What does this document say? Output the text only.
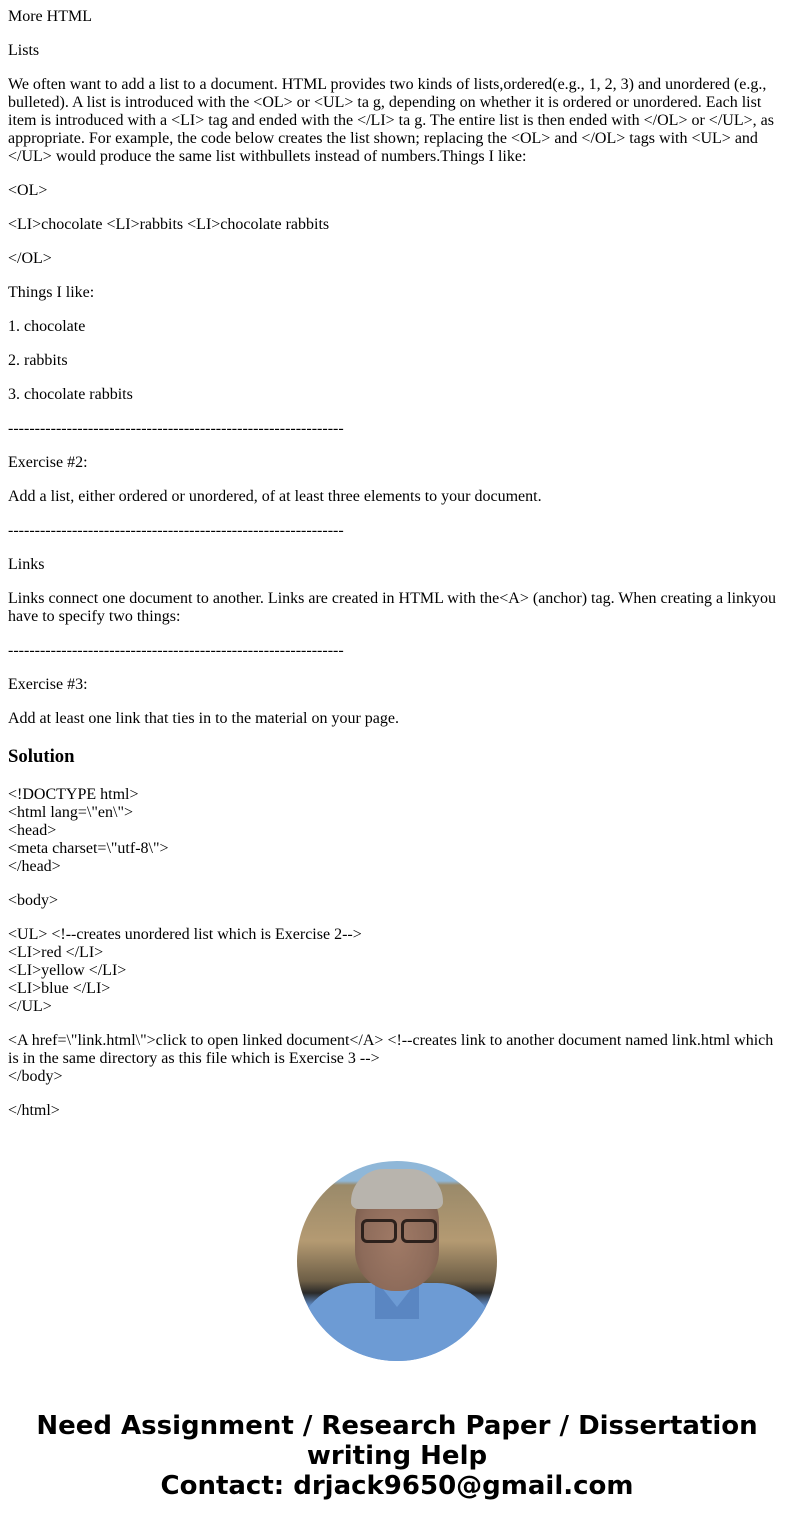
More HTML

Lists

We often want to add a list to a document. HTML provides two kinds of lists,ordered(e.g., 1, 2, 3) and unordered (e.g., bulleted). A list is introduced with the <OL> or <UL> ta g, depending on whether it is ordered or unordered. Each list item is introduced with a <LI> tag and ended with the </LI> ta g. The entire list is then ended with </OL> or </UL>, as appropriate. For example, the code below creates the list shown; replacing the <OL> and </OL> tags with <UL> and </UL> would produce the same list withbullets instead of numbers.Things I like:

<OL>

<LI>chocolate <LI>rabbits <LI>chocolate rabbits

</OL>

Things I like:

1. chocolate

2. rabbits

3. chocolate rabbits

---------------------------------------------------------------

Exercise #2:

Add a list, either ordered or unordered, of at least three elements to your document.

---------------------------------------------------------------

Links

Links connect one document to another. Links are created in HTML with the<A> (anchor) tag. When creating a linkyou have to specify two things:

---------------------------------------------------------------

Exercise #3:

Add at least one link that ties in to the material on your page.

Solution
<!DOCTYPE html>
<html lang=\"en\">
<head>
<meta charset=\"utf-8\">
</head>

<body>

<UL> <!--creates unordered list which is Exercise 2-->
<LI>red </LI>
<LI>yellow </LI>
<LI>blue </LI>
</UL>
<A href=\"link.html\">click to open linked document</A> <!--creates link to another document named link.html which is in the same directory as this file which is Exercise 3 -->
</body>

</html>

Need Assignment / Research Paper / Dissertation
writing Help
Contact: drjack9650@gmail.com
